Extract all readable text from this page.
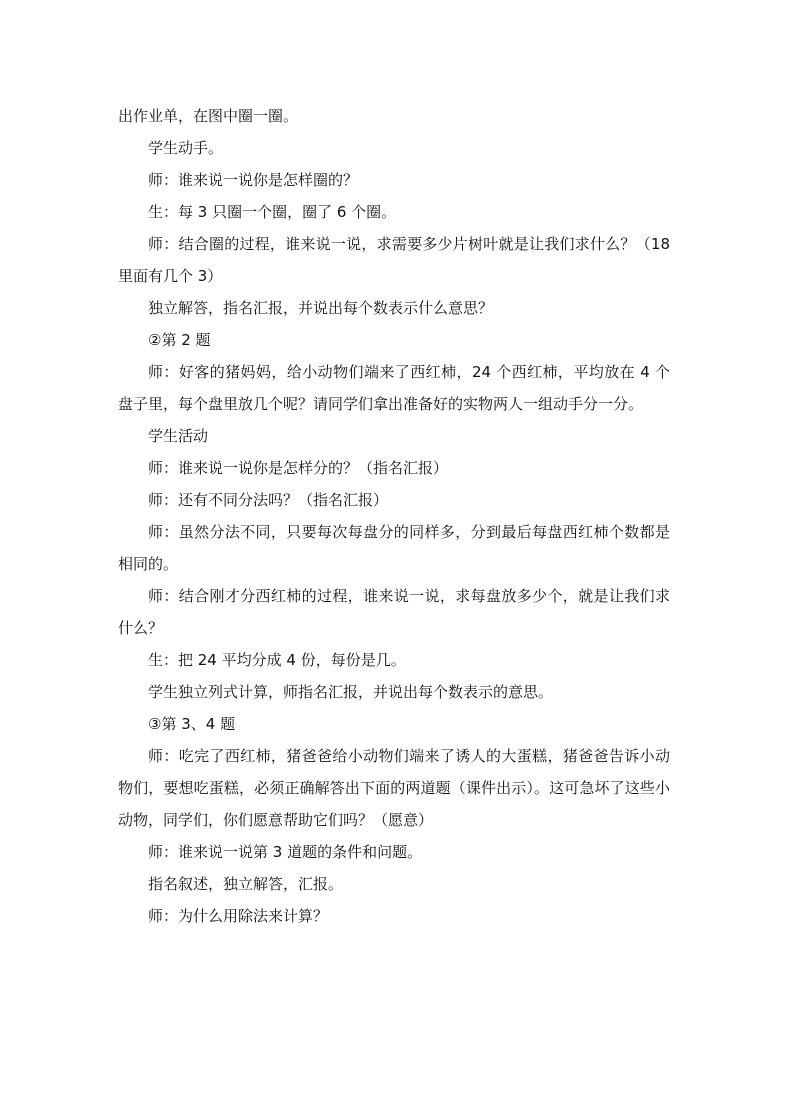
出作业单，在图中圈一圈。

学生动手。

师：谁来说一说你是怎样圈的？

生：每 3 只圈一个圈，圈了 6 个圈。

师：结合圈的过程，谁来说一说，求需要多少片树叶就是让我们求什么？（18 里面有几个 3）

独立解答，指名汇报，并说出每个数表示什么意思？

②第 2 题

师：好客的猪妈妈，给小动物们端来了西红柿，24 个西红柿，平均放在 4 个盘子里，每个盘里放几个呢？请同学们拿出准备好的实物两人一组动手分一分。

学生活动

师：谁来说一说你是怎样分的？（指名汇报）

师：还有不同分法吗？（指名汇报）

师：虽然分法不同，只要每次每盘分的同样多，分到最后每盘西红柿个数都是相同的。

师：结合刚才分西红柿的过程，谁来说一说，求每盘放多少个，就是让我们求什么？

生：把 24 平均分成 4 份，每份是几。

学生独立列式计算，师指名汇报，并说出每个数表示的意思。

③第 3、4 题

师：吃完了西红柿，猪爸爸给小动物们端来了诱人的大蛋糕，猪爸爸告诉小动物们，要想吃蛋糕，必须正确解答出下面的两道题（课件出示）。这可急坏了这些小动物，同学们，你们愿意帮助它们吗？（愿意）

师：谁来说一说第 3 道题的条件和问题。

指名叙述，独立解答，汇报。

师：为什么用除法来计算？
